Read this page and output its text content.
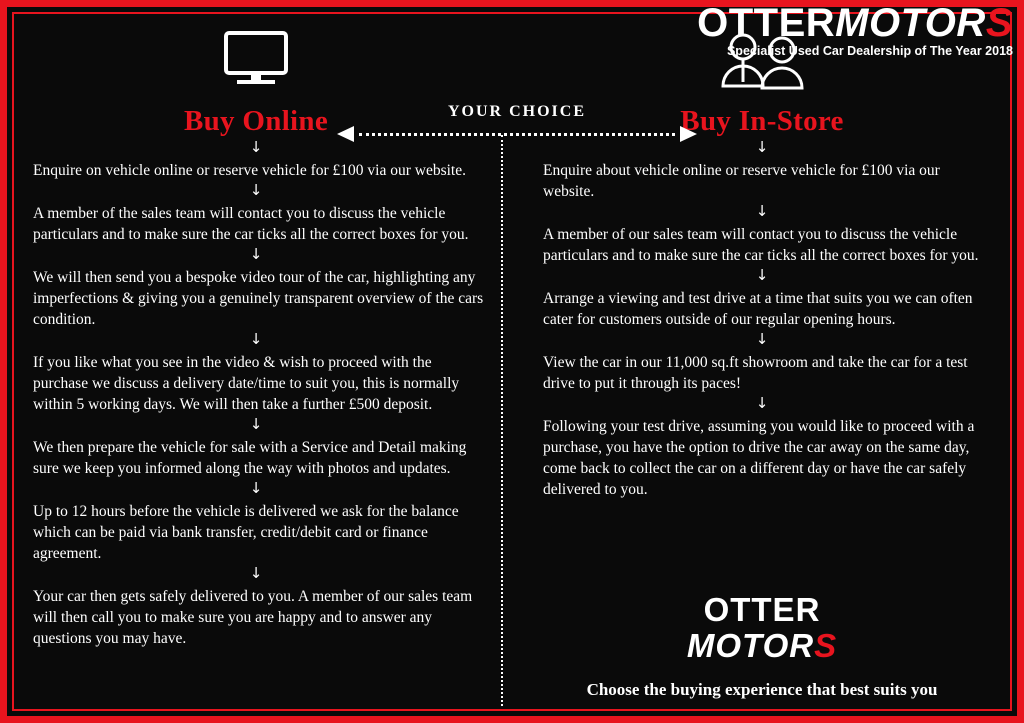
OTTERMOTORS
Specialist Used Car Dealership of The Year 2018
Buy Online
↓
Enquire on vehicle online or reserve vehicle for £100 via our website.
↓
A member of the sales team will contact you to discuss the vehicle particulars and to make sure the car ticks all the correct boxes for you.
↓
We will then send you a bespoke video tour of the car, highlighting any imperfections & giving you a genuinely transparent overview of the cars condition.
↓
If you like what you see in the video & wish to proceed with the purchase we discuss a delivery date/time to suit you, this is normally within 5 working days. We will then take a further £500 deposit.
↓
We then prepare the vehicle for sale with a Service and Detail making sure we keep you informed along the way with photos and updates.
↓
Up to 12 hours before the vehicle is delivered we ask for the balance which can be paid via bank transfer, credit/debit card or finance agreement.
↓
Your car then gets safely delivered to you. A member of our sales team will then call you to make sure you are happy and to answer any questions you may have.
Buy In-Store
↓
Enquire about vehicle online or reserve vehicle for £100 via our website.
↓
A member of our sales team will contact you to discuss the vehicle particulars and to make sure the car ticks all the correct boxes for you.
↓
Arrange a viewing and test drive at a time that suits you we can often cater for customers outside of our regular opening hours.
↓
View the car in our 11,000 sq.ft showroom and take the car for a test drive to put it through its paces!
↓
Following your test drive, assuming you would like to proceed with a purchase, you have the option to drive the car away on the same day, come back to collect the car on a different day or have the car safely delivered to you.
YOUR CHOICE
OTTER
MOTORS
Choose the buying experience that best suits you
